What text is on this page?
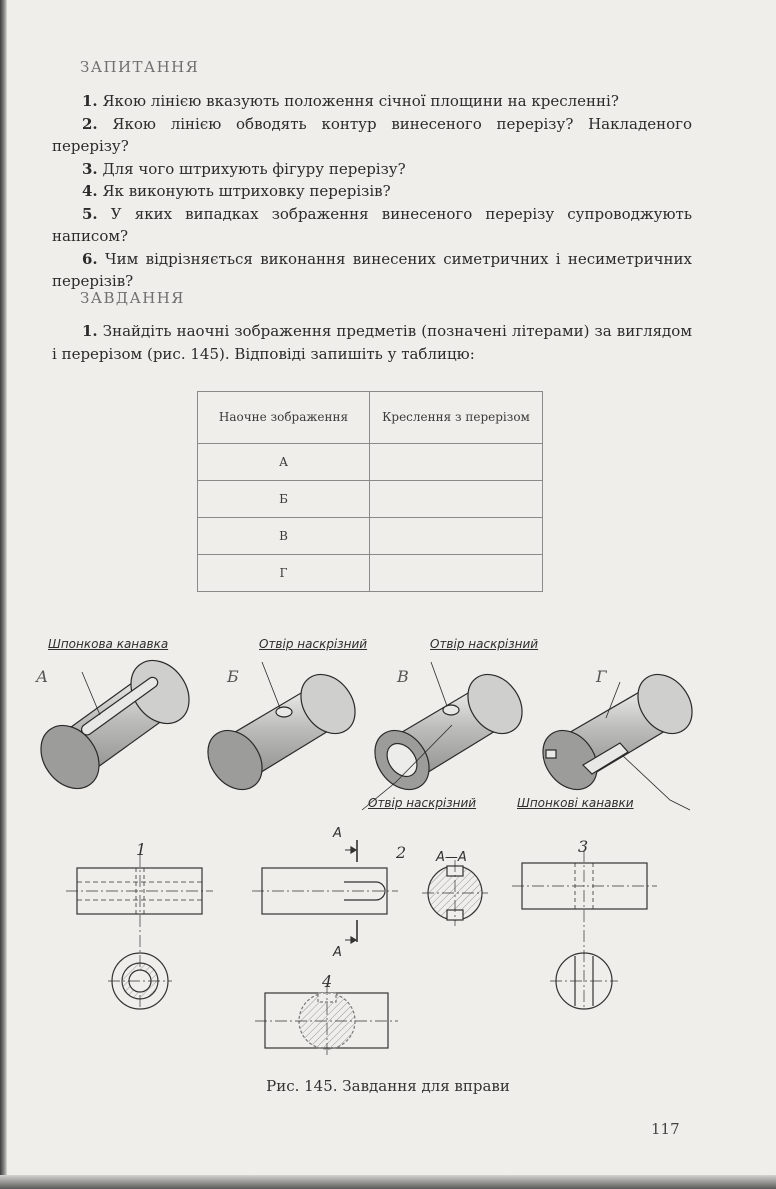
ЗАПИТАННЯ

1. Якою лінією вказують положення січної площини на кресленні?

2. Якою лінією обводять контур винесеного перерізу? Накладеного перерізу?

3. Для чого штрихують фігуру перерізу?

4. Як виконують штриховку перерізів?

5. У яких випадках зображення винесеного перерізу супроводжують написом?

6. Чим відрізняється виконання винесених симетричних і несиметричних перерізів?

ЗАВДАННЯ

1. Знайдіть наочні зображення предметів (позначені літерами) за виглядом і перерізом (рис. 145). Відповіді запишіть у таблицю:

Наочне зображення	Креслення з перерізом
А	
Б	
В	
Г	
Шпонкова канавка	Отвір наскрізний	Отвір наскрізний
Отвір наскрізний	Шпонкові канавки
А	Б	В	Г
1	2	3
4
А
А
А—А
Рис. 145. Завдання для вправи
117
